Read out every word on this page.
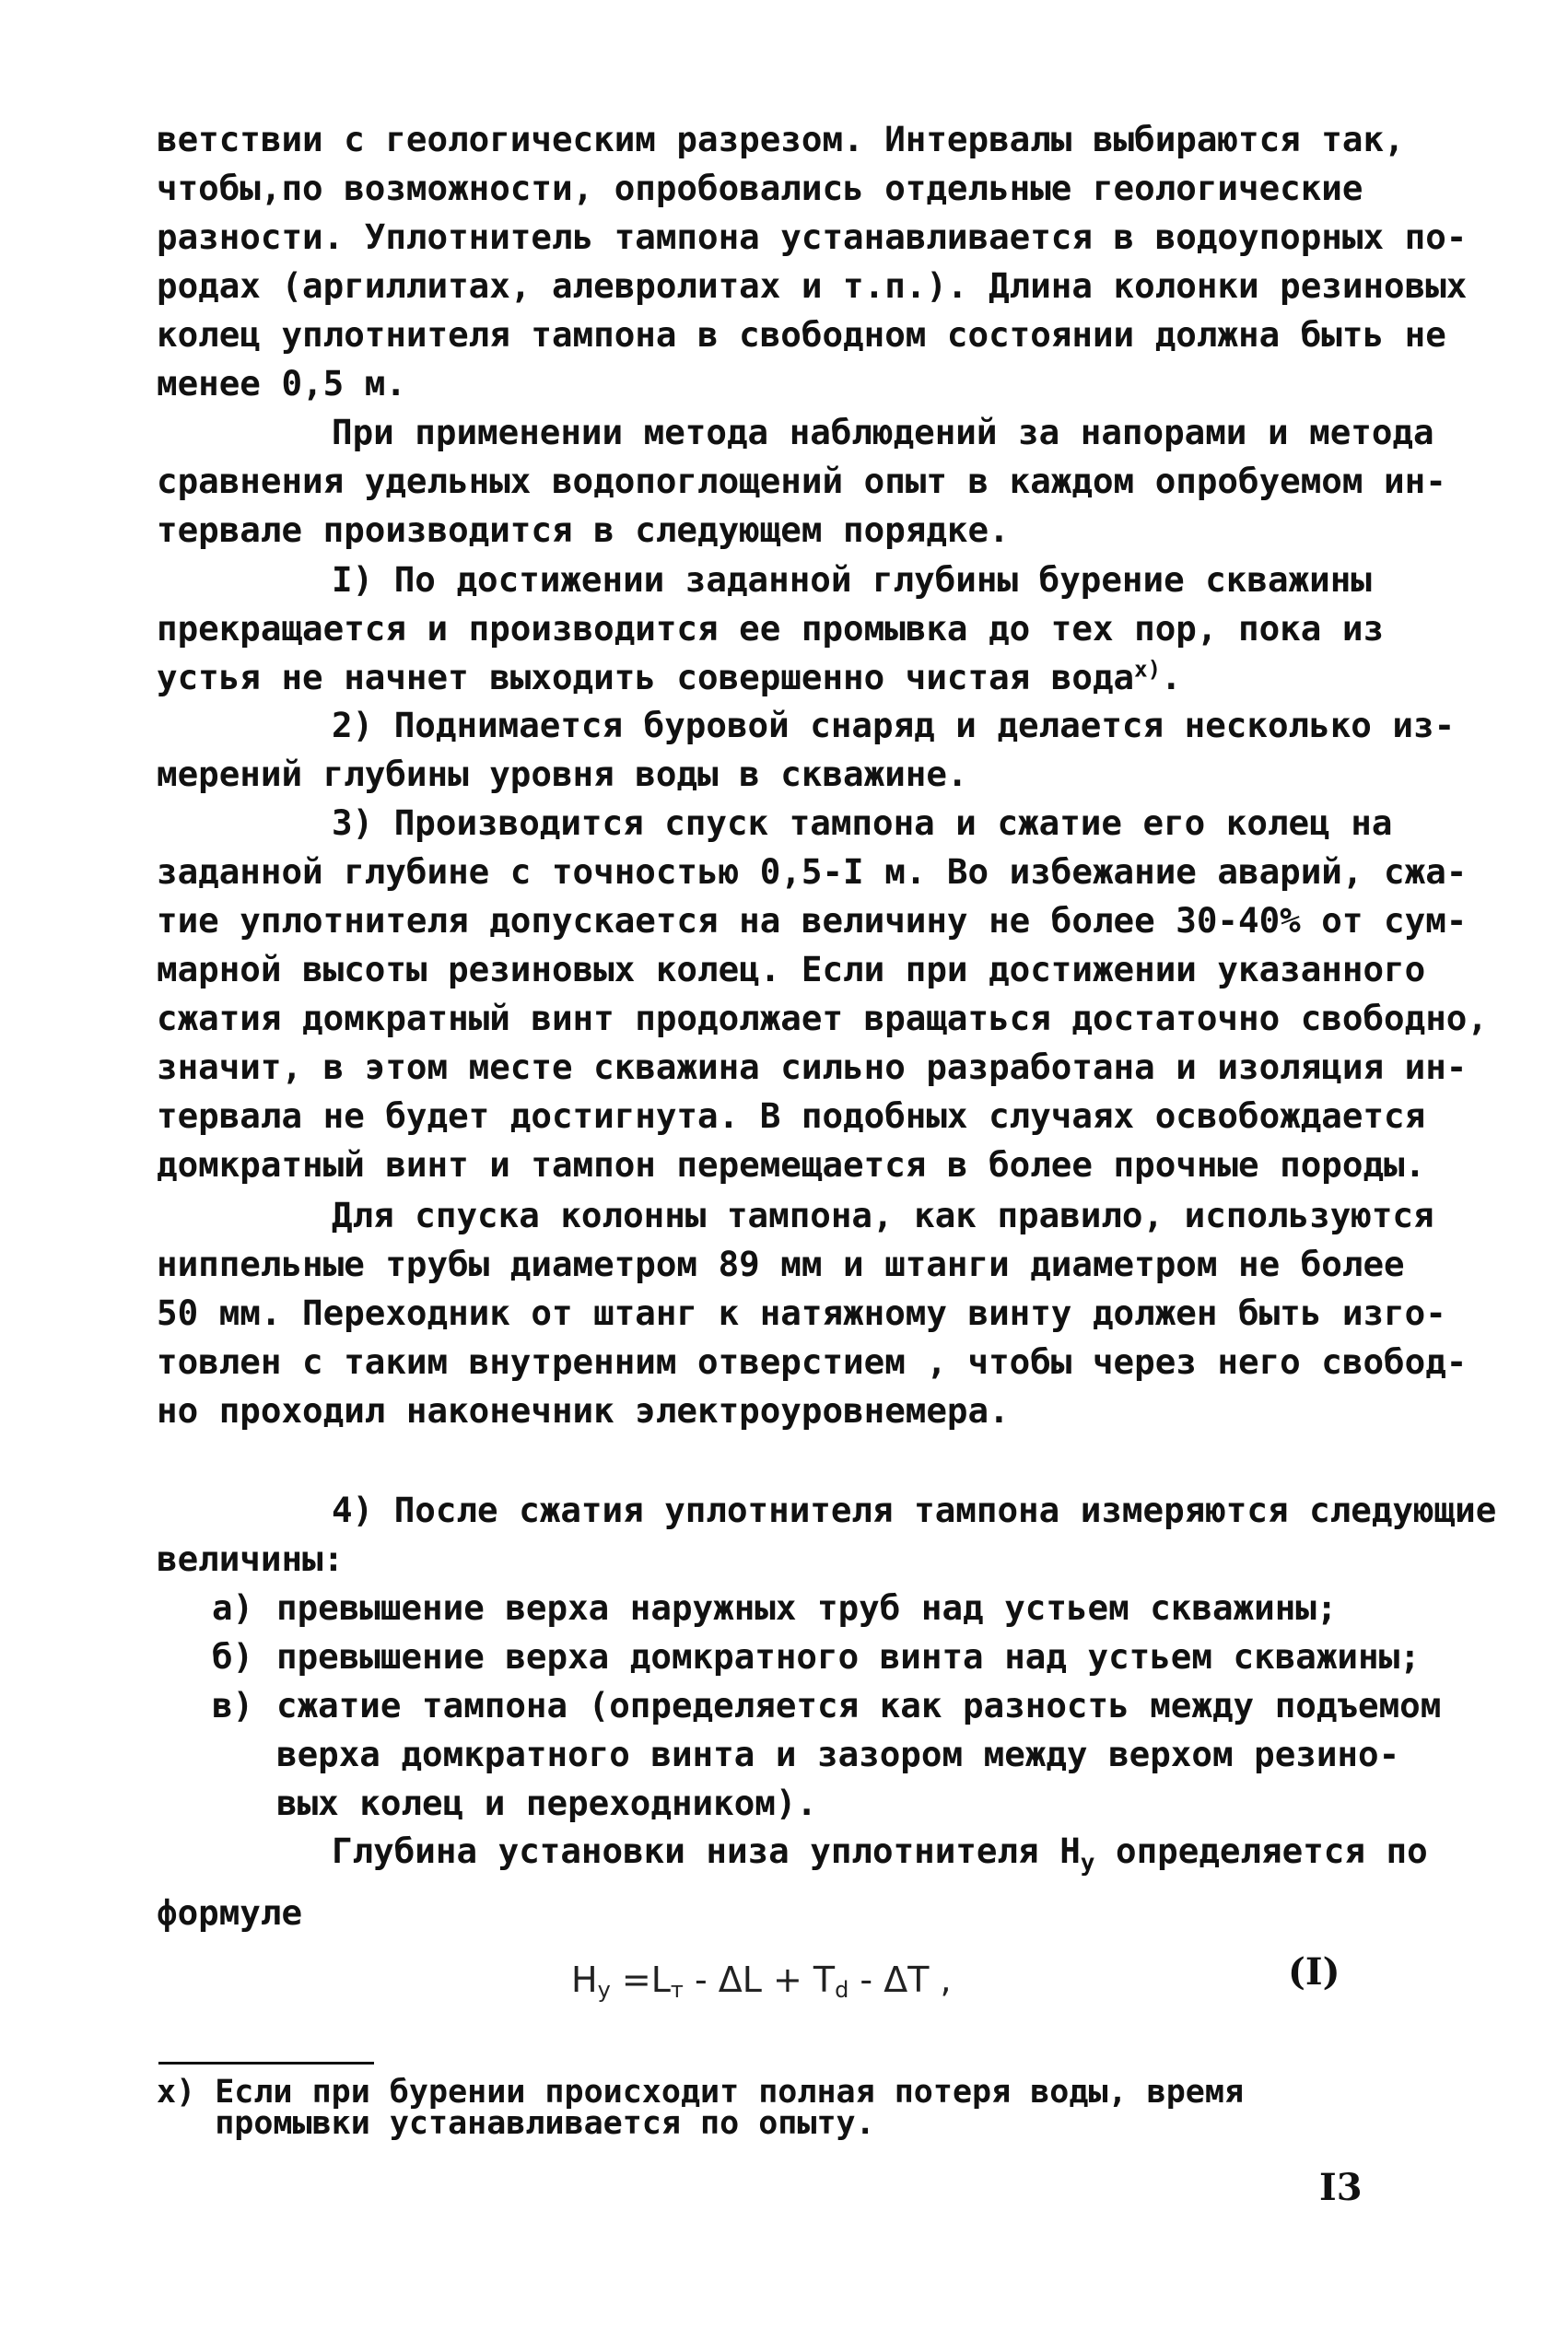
ветствии с геологическим разрезом. Интервалы выбираются так,
чтобы,по возможности, опробовались отдельные геологические
разности. Уплотнитель тампона устанавливается в водоупорных по-
родах (аргиллитах, алевролитах и т.п.). Длина колонки резиновых
колец уплотнителя тампона в свободном состоянии должна быть не
менее 0,5 м.
При применении метода наблюдений за напорами и метода
сравнения удельных водопоглощений опыт в каждом опробуемом ин-
тервале производится в следующем порядке.
I) По достижении заданной глубины бурение скважины
прекращается и производится ее промывка до тех пор, пока из
устья не начнет выходить совершенно чистая вода$^{х)}$.
2) Поднимается буровой снаряд и делается несколько из-
мерений глубины уровня воды в скважине.
3) Производится спуск тампона и сжатие его колец на
заданной глубине с точностью 0,5-I м. Во избежание аварий, сжа-
тие уплотнителя допускается на величину не более 30-40% от сум-
марной высоты резиновых колец. Если при достижении указанного
сжатия домкратный винт продолжает вращаться достаточно свободно,
значит, в этом месте скважина сильно разработана и изоляция ин-
тервала не будет достигнута. В подобных случаях освобождается
домкратный винт и тампон перемещается в более прочные породы.
Для спуска колонны тампона, как правило, используются
ниппельные трубы диаметром 89 мм и штанги диаметром не более
50 мм. Переходник от штанг к натяжному винту должен быть изго-
товлен с таким внутренним отверстием , чтобы через него свобод-
но проходил наконечник электроуровнемера.
4) После сжатия уплотнителя тампона измеряются следующие
величины:
а) превышение верха наружных труб над устьем скважины;
б) превышение верха домкратного винта над устьем скважины;
в) сжатие тампона (определяется как разность между подъемом
верха домкратного винта и зазором между верхом резино-
вых колец и переходником).
Глубина установки низа уплотнителя $Н_у$ определяется по
формуле
$H_у =L_т - \Delta L + T_d - \Delta T$ ,	(I)
х) Если при бурении происходит полная потеря воды, время
промывки устанавливается по опыту.
I3
